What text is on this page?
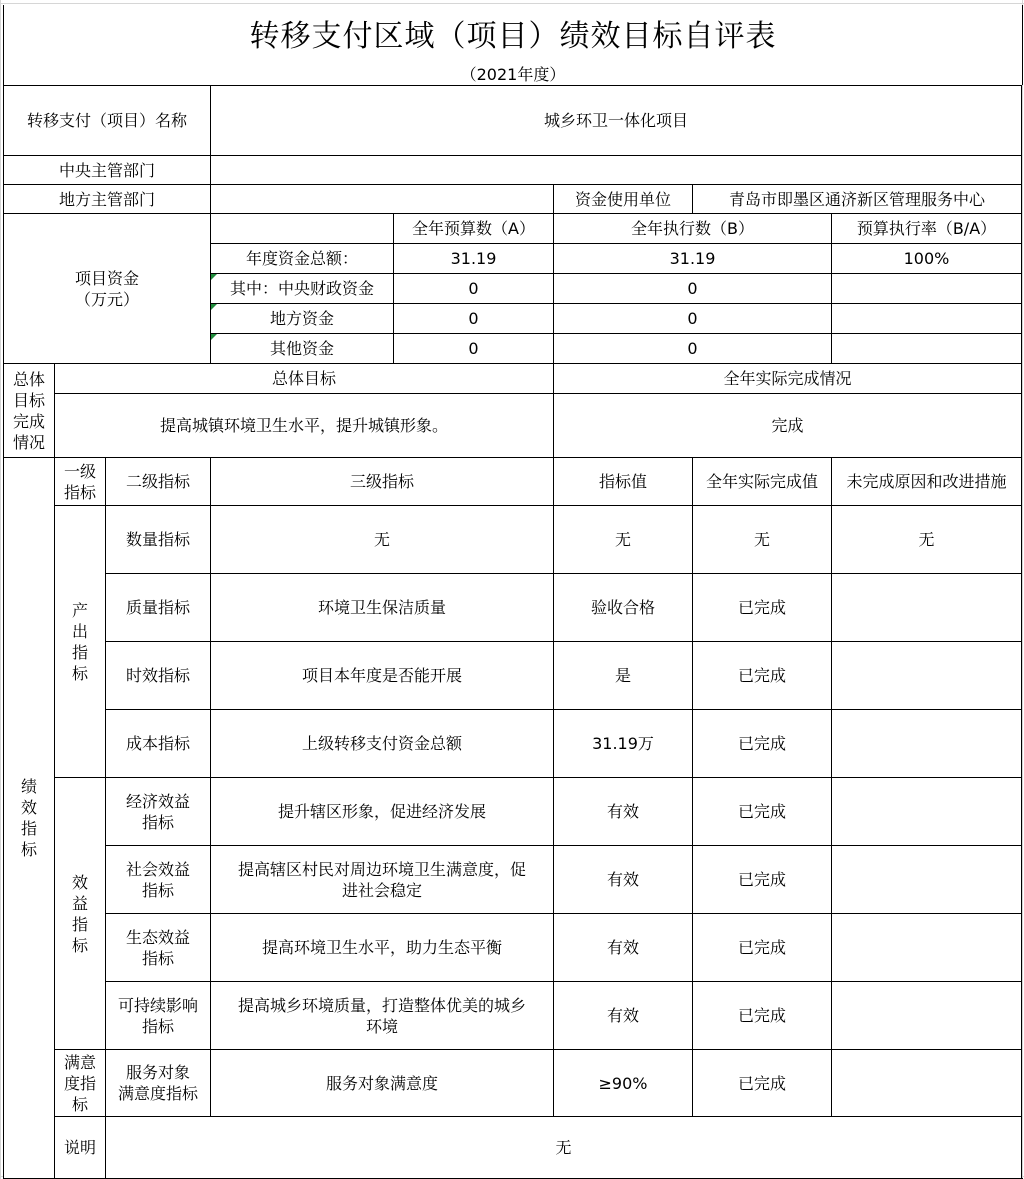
转移支付区域（项目）绩效目标自评表
（2021年度）
转移支付（项目）名称			城乡环卫一体化项目				
中央主管部门							
地方主管部门					资金使用单位	青岛市即墨区通济新区管理服务中心	

项目资金
（万元）				全年预算数（A）	全年执行数（B）		预算执行率（B/A）
			年度资金总额：	31.19	31.19		100%
			其中：中央财政资金	0	0		
			地方资金	0	0		
			其他资金	0	0		

总体
目标
完成
情况	总体目标				全年实际完成情况		
	提高城镇环境卫生水平，提升城镇形象。				完成		

绩
效
指
标	一级
指标	二级指标	三级指标		指标值	全年实际完成值	未完成原因和改进措施

	产
出
指
标	数量指标	无		无	无	无
		质量指标	环境卫生保洁质量		验收合格	已完成	
		时效指标	项目本年度是否能开展		是	已完成	
		成本指标	上级转移支付资金总额		31.19万	已完成	

	效
益
指
标	经济效益
指标	提升辖区形象，促进经济发展		有效	已完成	

		社会效益
指标	提高辖区村民对周边环境卫生满意度，促
进社会稳定		有效	已完成	

		生态效益
指标	提高环境卫生水平，助力生态平衡		有效	已完成	

		可持续影响
指标	提高城乡环境质量，打造整体优美的城乡
环境		有效	已完成	

	满意
度指
标	服务对象
满意度指标	服务对象满意度		≥90%	已完成	
	说明	无					
